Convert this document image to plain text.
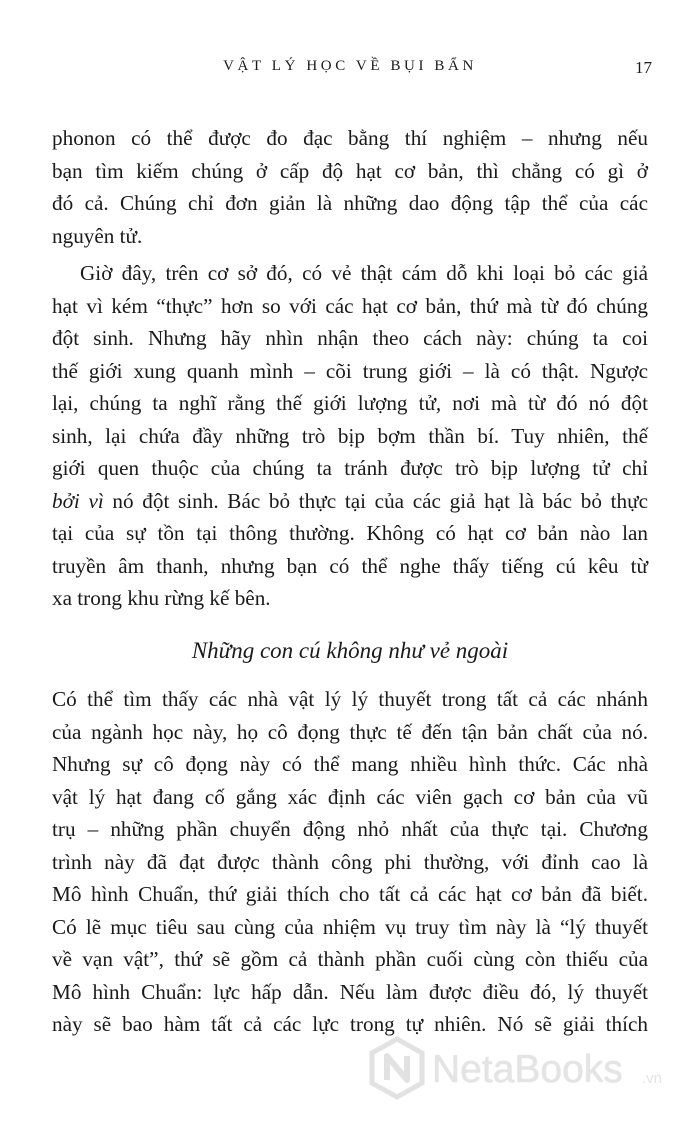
VẬT LÝ HỌC VỀ BỤI BẨN	17
phonon có thể được đo đạc bằng thí nghiệm – nhưng nếu
bạn tìm kiếm chúng ở cấp độ hạt cơ bản, thì chẳng có gì ở
đó cả. Chúng chỉ đơn giản là những dao động tập thể của các
nguyên tử.
Giờ đây, trên cơ sở đó, có vẻ thật cám dỗ khi loại bỏ các giả
hạt vì kém “thực” hơn so với các hạt cơ bản, thứ mà từ đó chúng
đột sinh. Nhưng hãy nhìn nhận theo cách này: chúng ta coi
thế giới xung quanh mình – cõi trung giới – là có thật. Ngược
lại, chúng ta nghĩ rằng thế giới lượng tử, nơi mà từ đó nó đột
sinh, lại chứa đầy những trò bịp bợm thần bí. Tuy nhiên, thế
giới quen thuộc của chúng ta tránh được trò bịp lượng tử chỉ
bởi vì nó đột sinh. Bác bỏ thực tại của các giả hạt là bác bỏ thực
tại của sự tồn tại thông thường. Không có hạt cơ bản nào lan
truyền âm thanh, nhưng bạn có thể nghe thấy tiếng cú kêu từ
xa trong khu rừng kế bên.
Những con cú không như vẻ ngoài
Có thể tìm thấy các nhà vật lý lý thuyết trong tất cả các nhánh
của ngành học này, họ cô đọng thực tế đến tận bản chất của nó.
Nhưng sự cô đọng này có thể mang nhiều hình thức. Các nhà
vật lý hạt đang cố gắng xác định các viên gạch cơ bản của vũ
trụ – những phần chuyển động nhỏ nhất của thực tại. Chương
trình này đã đạt được thành công phi thường, với đỉnh cao là
Mô hình Chuẩn, thứ giải thích cho tất cả các hạt cơ bản đã biết.
Có lẽ mục tiêu sau cùng của nhiệm vụ truy tìm này là “lý thuyết
về vạn vật”, thứ sẽ gồm cả thành phần cuối cùng còn thiếu của
Mô hình Chuẩn: lực hấp dẫn. Nếu làm được điều đó, lý thuyết
này sẽ bao hàm tất cả các lực trong tự nhiên. Nó sẽ giải thích
NetaBooks .vn
